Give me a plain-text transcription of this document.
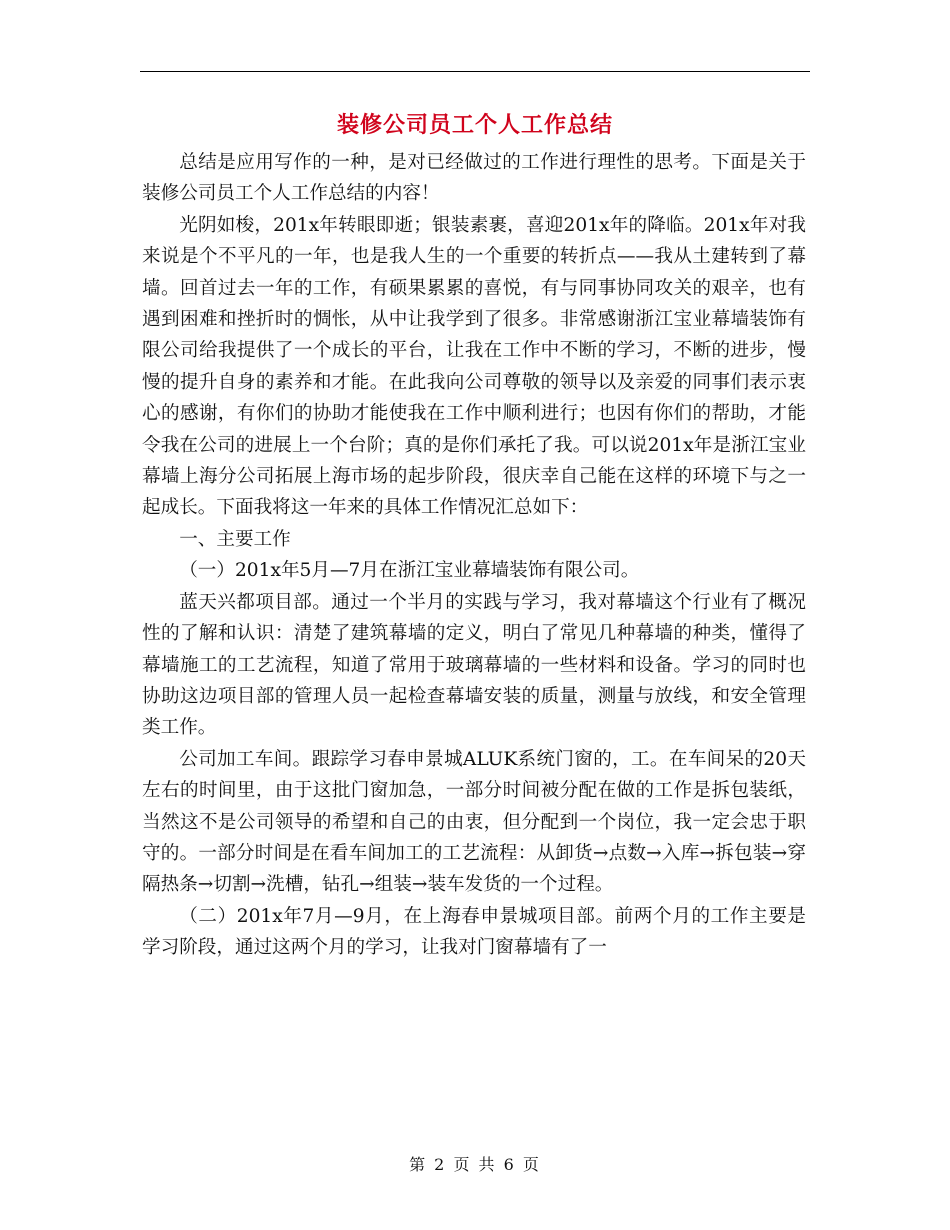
装修公司员工个人工作总结

总结是应用写作的一种，是对已经做过的工作进行理性的思考。下面是关于装修公司员工个人工作总结的内容！

光阴如梭，201x年转眼即逝；银装素裹，喜迎201x年的降临。201x年对我来说是个不平凡的一年，也是我人生的一个重要的转折点——我从土建转到了幕墙。回首过去一年的工作，有硕果累累的喜悦，有与同事协同攻关的艰辛，也有遇到困难和挫折时的惆怅，从中让我学到了很多。非常感谢浙江宝业幕墙装饰有限公司给我提供了一个成长的平台，让我在工作中不断的学习，不断的进步，慢慢的提升自身的素养和才能。在此我向公司尊敬的领导以及亲爱的同事们表示衷心的感谢，有你们的协助才能使我在工作中顺利进行；也因有你们的帮助，才能令我在公司的进展上一个台阶；真的是你们承托了我。可以说201x年是浙江宝业幕墙上海分公司拓展上海市场的起步阶段，很庆幸自己能在这样的环境下与之一起成长。下面我将这一年来的具体工作情况汇总如下：

一、主要工作

（一）201x年5月—7月在浙江宝业幕墙装饰有限公司。

蓝天兴都项目部。通过一个半月的实践与学习，我对幕墙这个行业有了概况性的了解和认识：清楚了建筑幕墙的定义，明白了常见几种幕墙的种类，懂得了幕墙施工的工艺流程，知道了常用于玻璃幕墙的一些材料和设备。学习的同时也协助这边项目部的管理人员一起检查幕墙安装的质量，测量与放线，和安全管理类工作。

公司加工车间。跟踪学习春申景城ALUK系统门窗的，工。在车间呆的20天左右的时间里，由于这批门窗加急，一部分时间被分配在做的工作是拆包装纸，当然这不是公司领导的希望和自己的由衷，但分配到一个岗位，我一定会忠于职守的。一部分时间是在看车间加工的工艺流程：从卸货→点数→入库→拆包装→穿隔热条→切割→洗槽，钻孔→组装→装车发货的一个过程。

（二）201x年7月—9月，在上海春申景城项目部。前两个月的工作主要是学习阶段，通过这两个月的学习，让我对门窗幕墙有了一

第 2 页 共 6 页
